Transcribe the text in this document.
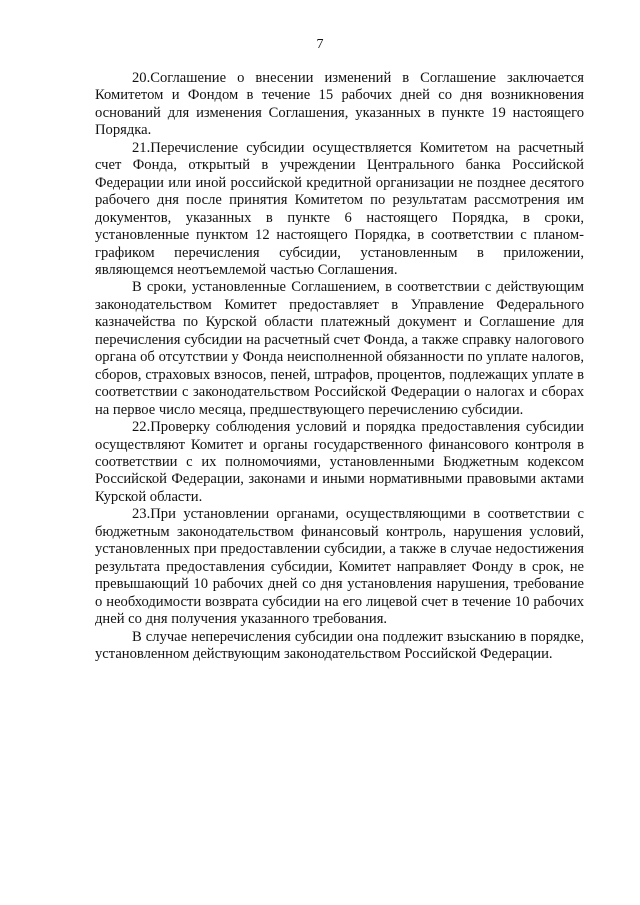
7

20.Соглашение о внесении изменений в Соглашение заключается Комитетом и Фондом в течение 15 рабочих дней со дня возникновения оснований для изменения Соглашения, указанных в пункте 19 настоящего Порядка.

21.Перечисление субсидии осуществляется Комитетом на расчетный счет Фонда, открытый в учреждении Центрального банка Российской Федерации или иной российской кредитной организации не позднее десятого рабочего дня после принятия Комитетом по результатам рассмотрения им документов, указанных в пункте 6 настоящего Порядка, в сроки, установленные пунктом 12 настоящего Порядка, в соответствии с планом-графиком перечисления субсидии, установленным в приложении, являющемся неотъемлемой частью Соглашения.

В сроки, установленные Соглашением, в соответствии с действующим законодательством Комитет предоставляет в Управление Федерального казначейства по Курской области платежный документ и Соглашение для перечисления субсидии на расчетный счет Фонда, а также справку налогового органа об отсутствии у Фонда неисполненной обязанности по уплате налогов, сборов, страховых взносов, пеней, штрафов, процентов, подлежащих уплате в соответствии с законодательством Российской Федерации о налогах и сборах на первое число месяца, предшествующего перечислению субсидии.

22.Проверку соблюдения условий и порядка предоставления субсидии осуществляют Комитет и органы государственного финансового контроля в соответствии с их полномочиями, установленными Бюджетным кодексом Российской Федерации, законами и иными нормативными правовыми актами Курской области.

23.При установлении органами, осуществляющими в соответствии с бюджетным законодательством финансовый контроль, нарушения условий, установленных при предоставлении субсидии, а также в случае недостижения результата предоставления субсидии, Комитет направляет Фонду в срок, не превышающий 10 рабочих дней со дня установления нарушения, требование о необходимости возврата субсидии на его лицевой счет в течение 10 рабочих дней со дня получения указанного требования.

В случае неперечисления субсидии она подлежит взысканию в порядке, установленном действующим законодательством Российской Федерации.
